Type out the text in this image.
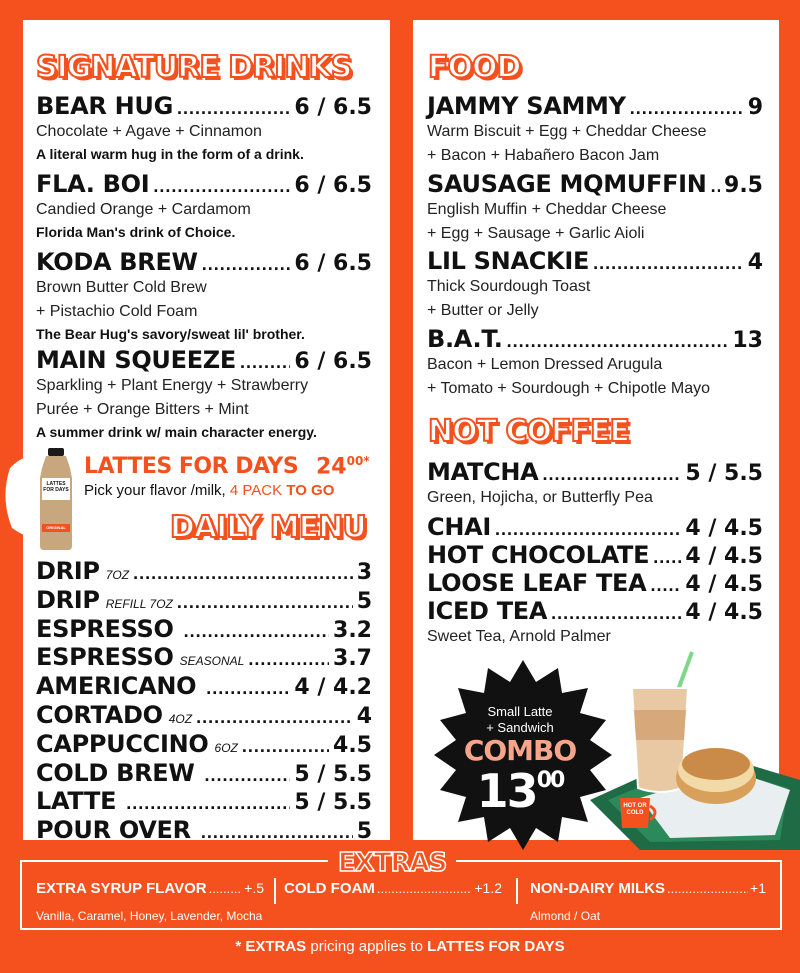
SIGNATURE DRINKS
BEAR HUG .....	6 / 6.5
Chocolate + Agave + Cinnamon
A literal warm hug in the form of a drink.
FLA. BOI .....	6 / 6.5
Candied Orange + Cardamom
Florida Man's drink of Choice.
KODA BREW .....	6 / 6.5
Brown Butter Cold Brew
+ Pistachio Cold Foam
The Bear Hug's savory/sweat lil' brother.
MAIN SQUEEZE .....	6 / 6.5
Sparkling + Plant Energy + Strawberry
Purée + Orange Bitters + Mint
A summer drink w/ main character energy.
LATTES FOR DAYS
ORIGINAL
LATTES FOR DAYS $24^{00*}$
Pick your flavor /milk, 4 PACK TO GO
DAILY MENU
DRIP 7OZ .....	3
DRIP REFILL 7OZ .....	5
ESPRESSO .....	3.2
ESPRESSO SEASONAL .....	3.7
AMERICANO .....	4 / 4.2
CORTADO 4OZ .....	4
CAPPUCCINO 6OZ .....	4.5
COLD BREW .....	5 / 5.5
LATTE .....	5 / 5.5
POUR OVER .....	5
FOOD
JAMMY SAMMY .....	9
Warm Biscuit + Egg + Cheddar Cheese
+ Bacon + Habañero Bacon Jam
SAUSAGE MQMUFFIN ..... 9.5
English Muffin + Cheddar Cheese
+ Egg + Sausage + Garlic Aioli
LIL SNACKIE .....	4
Thick Sourdough Toast
+ Butter or Jelly
B.A.T. .....	13
Bacon + Lemon Dressed Arugula
+ Tomato + Sourdough + Chipotle Mayo
NOT COFFEE
MATCHA .....	5 / 5.5
Green, Hojicha, or Butterfly Pea
CHAI .....	4 / 4.5
HOT CHOCOLATE ..... 4 / 4.5
LOOSE LEAF TEA ..... 4 / 4.5
ICED TEA .....	4 / 4.5
Sweet Tea, Arnold Palmer
Small Latte
+ Sandwich
COMBO
$13^{00}$
HOT OR COLD
EXTRAS
EXTRA SYRUP FLAVOR .....	+.5
Vanilla, Caramel, Honey, Lavender, Mocha
COLD FOAM .....	+1.2 NON-DAIRY MILKS .....	+1
Almond / Oat
* EXTRAS pricing applies to LATTES FOR DAYS
